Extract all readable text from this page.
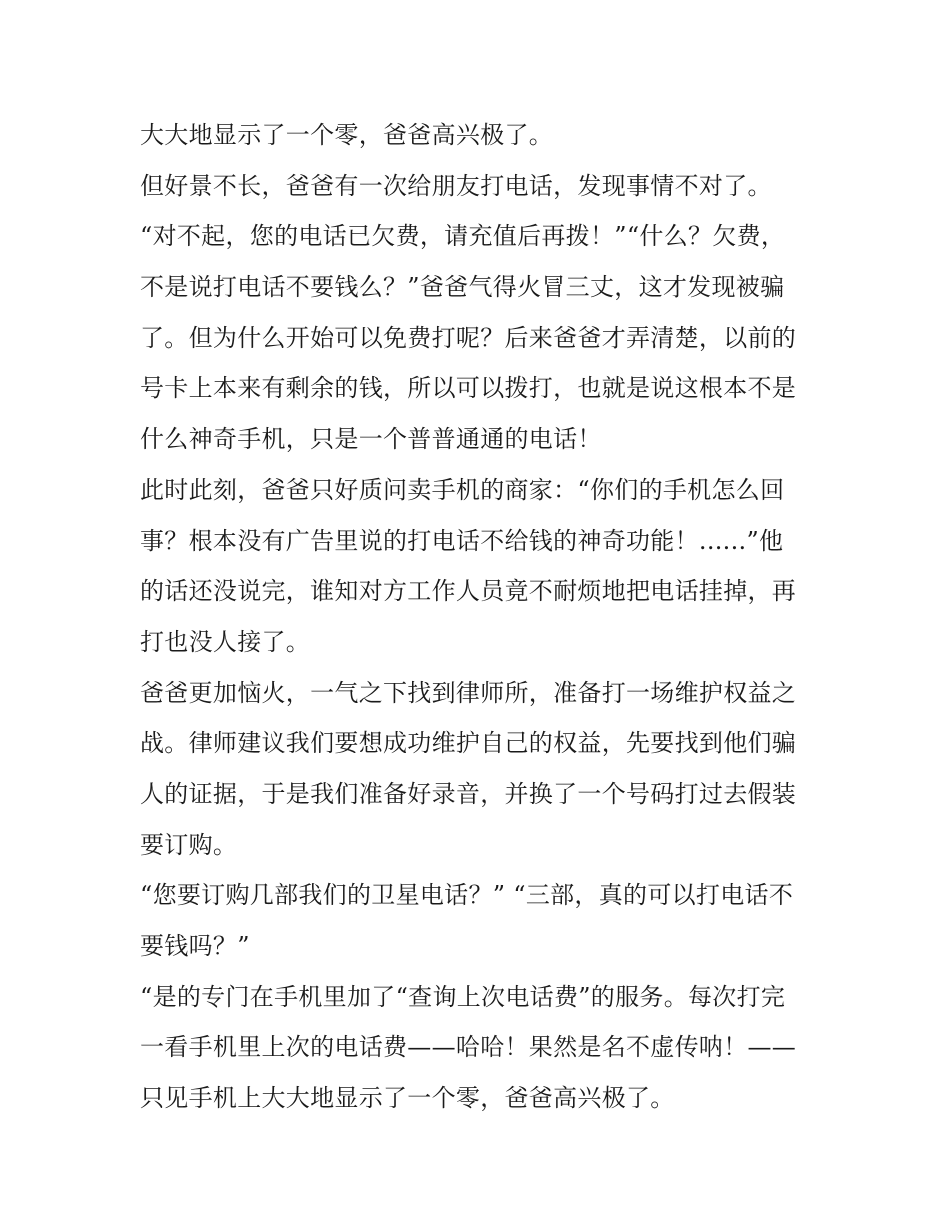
大大地显示了一个零，爸爸高兴极了。
但好景不长，爸爸有一次给朋友打电话，发现事情不对了。
“对不起，您的电话已欠费，请充值后再拨！”“什么？欠费，
不是说打电话不要钱么？”爸爸气得火冒三丈，这才发现被骗
了。但为什么开始可以免费打呢？后来爸爸才弄清楚，以前的
号卡上本来有剩余的钱，所以可以拨打，也就是说这根本不是
什么神奇手机，只是一个普普通通的电话！
此时此刻，爸爸只好质问卖手机的商家：“你们的手机怎么回
事？根本没有广告里说的打电话不给钱的神奇功能！......”他
的话还没说完，谁知对方工作人员竟不耐烦地把电话挂掉，再
打也没人接了。
爸爸更加恼火，一气之下找到律师所，准备打一场维护权益之
战。律师建议我们要想成功维护自己的权益，先要找到他们骗
人的证据，于是我们准备好录音，并换了一个号码打过去假装
要订购。
“您要订购几部我们的卫星电话？” “三部，真的可以打电话不
要钱吗？”
“是的专门在手机里加了“查询上次电话费”的服务。每次打完
一看手机里上次的电话费——哈哈！果然是名不虚传呐！——
只见手机上大大地显示了一个零，爸爸高兴极了。
